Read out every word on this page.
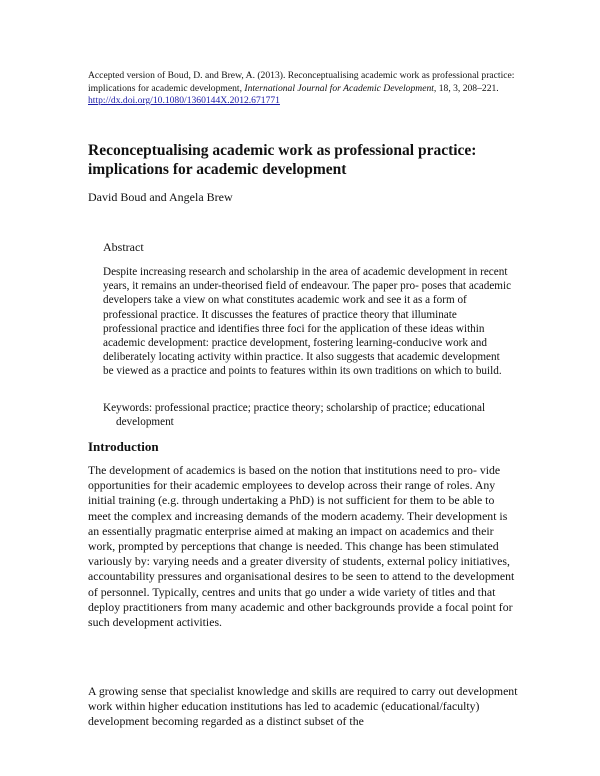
Accepted version of Boud, D. and Brew, A. (2013). Reconceptualising academic work as professional practice: implications for academic development, International Journal for Academic Development, 18, 3, 208–221. http://dx.doi.org/10.1080/1360144X.2012.671771
Reconceptualising academic work as professional practice: implications for academic development
David Boud and Angela Brew
Abstract

Despite increasing research and scholarship in the area of academic development in recent years, it remains an under-theorised field of endeavour. The paper pro- poses that academic developers take a view on what constitutes academic work and see it as a form of professional practice. It discusses the features of practice theory that illuminate professional practice and identifies three foci for the application of these ideas within academic development: practice development, fostering learning-conducive work and deliberately locating activity within practice. It also suggests that academic development be viewed as a practice and points to features within its own traditions on which to build.

Keywords: professional practice; practice theory; scholarship of practice; educational development

Introduction

The development of academics is based on the notion that institutions need to pro- vide opportunities for their academic employees to develop across their range of roles. Any initial training (e.g. through undertaking a PhD) is not sufficient for them to be able to meet the complex and increasing demands of the modern academy. Their development is an essentially pragmatic enterprise aimed at making an impact on academics and their work, prompted by perceptions that change is needed. This change has been stimulated variously by: varying needs and a greater diversity of students, external policy initiatives, accountability pressures and organisational desires to be seen to attend to the development of personnel. Typically, centres and units that go under a wide variety of titles and that deploy practitioners from many academic and other backgrounds provide a focal point for such development activities.

A growing sense that specialist knowledge and skills are required to carry out development work within higher education institutions has led to academic (educational/faculty) development becoming regarded as a distinct subset of the
